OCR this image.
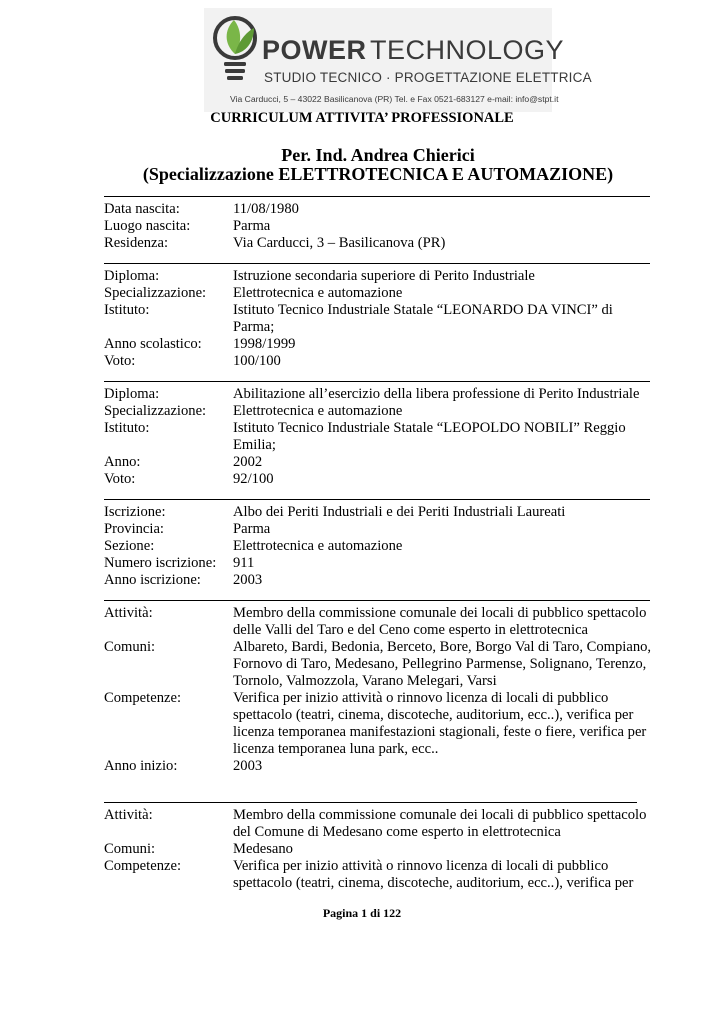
POWER TECHNOLOGY
STUDIO TECNICO · PROGETTAZIONE ELETTRICA
Via Carducci, 5 – 43022 Basilicanova (PR) Tel. e Fax 0521-683127 e-mail: info@stpt.it
CURRICULUM ATTIVITA’ PROFESSIONALE
Per. Ind. Andrea Chierici
(Specializzazione ELETTROTECNICA E AUTOMAZIONE)
Data nascita:	11/08/1980
Luogo nascita:	Parma
Residenza:	Via Carducci, 3 – Basilicanova (PR)
Diploma:	Istruzione secondaria superiore di Perito Industriale
Specializzazione: Elettrotecnica e automazione
Istituto:	Istituto Tecnico Industriale Statale “LEONARDO DA VINCI” di Parma;
Anno scolastico: 1998/1999
Voto:	100/100
Diploma:	Abilitazione all’esercizio della libera professione di Perito Industriale
Specializzazione: Elettrotecnica e automazione
Istituto:	Istituto Tecnico Industriale Statale “LEOPOLDO NOBILI” Reggio Emilia;
Anno:	2002
Voto:	92/100
Iscrizione:	Albo dei Periti Industriali e dei Periti Industriali Laureati
Provincia:	Parma
Sezione:	Elettrotecnica e automazione
Numero iscrizione: 911
Anno iscrizione: 2003
Attività:	Membro della commissione comunale dei locali di pubblico spettacolo delle Valli del Taro e del Ceno come esperto in elettrotecnica
Comuni:	Albareto, Bardi, Bedonia, Berceto, Bore, Borgo Val di Taro, Compiano, Fornovo di Taro, Medesano, Pellegrino Parmense, Solignano, Terenzo, Tornolo, Valmozzola, Varano Melegari, Varsi
Competenze:	Verifica per inizio attività o rinnovo licenza di locali di pubblico spettacolo (teatri, cinema, discoteche, auditorium, ecc..), verifica per licenza temporanea manifestazioni stagionali, feste o fiere, verifica per licenza temporanea luna park, ecc..
Anno inizio:	2003
Attività:	Membro della commissione comunale dei locali di pubblico spettacolo del Comune di Medesano come esperto in elettrotecnica
Comuni:	Medesano
Competenze:	Verifica per inizio attività o rinnovo licenza di locali di pubblico spettacolo (teatri, cinema, discoteche, auditorium, ecc..), verifica per
Pagina 1 di 122
